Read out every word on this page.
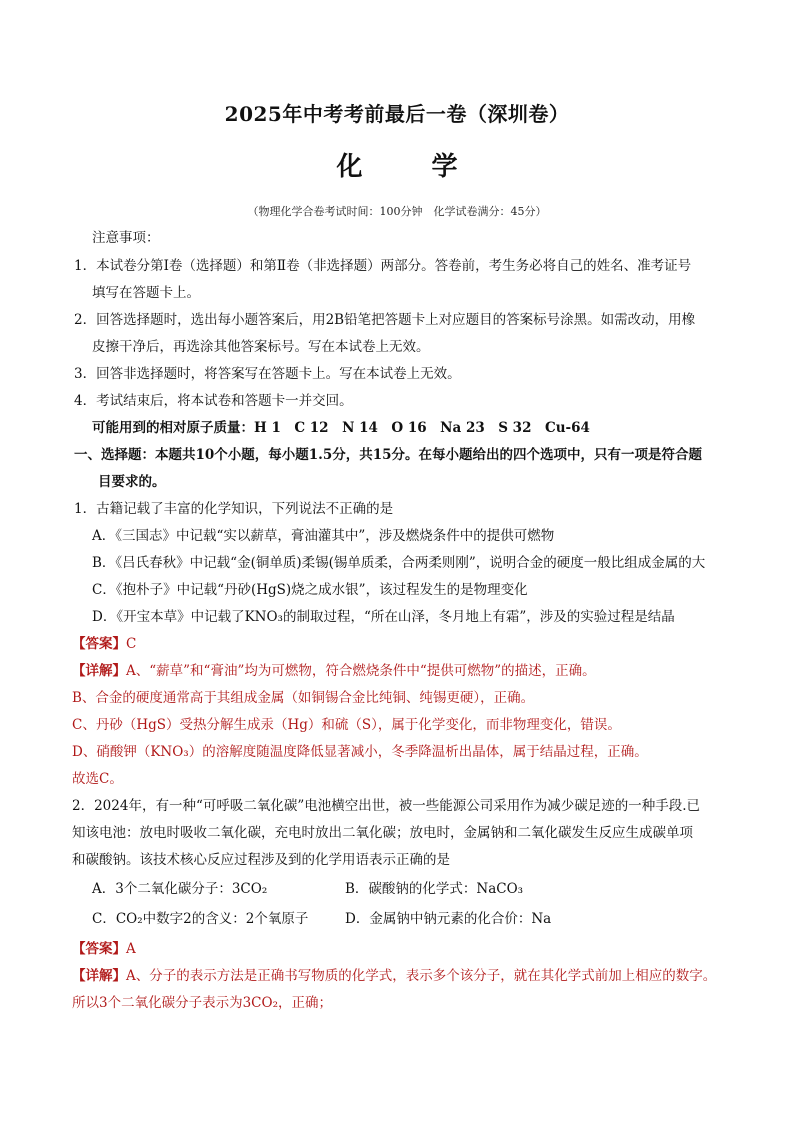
2025年中考考前最后一卷（深圳卷）
化 学
（物理化学合卷考试时间：100分钟　化学试卷满分：45分）
注意事项：
1．本试卷分第Ⅰ卷（选择题）和第Ⅱ卷（非选择题）两部分。答卷前，考生务必将自己的姓名、准考证号
填写在答题卡上。
2．回答选择题时，选出每小题答案后，用2B铅笔把答题卡上对应题目的答案标号涂黑。如需改动，用橡
皮擦干净后，再选涂其他答案标号。写在本试卷上无效。
3．回答非选择题时，将答案写在答题卡上。写在本试卷上无效。
4．考试结束后，将本试卷和答题卡一并交回。
可能用到的相对原子质量：H 1　C 12　N 14　O 16　Na 23　S 32　Cu-64
一、选择题：本题共10个小题，每小题1.5分，共15分。在每小题给出的四个选项中，只有一项是符合题
目要求的。
1．古籍记载了丰富的化学知识，下列说法不正确的是
A．《三国志》中记载“实以薪草，膏油灌其中”，涉及燃烧条件中的提供可燃物
B．《吕氏春秋》中记载“金(铜单质)柔锡(锡单质柔，合两柔则刚”，说明合金的硬度一般比组成金属的大
C．《抱朴子》中记载“丹砂(HgS)烧之成水银”，该过程发生的是物理变化
D．《开宝本草》中记载了KNO₃的制取过程，“所在山泽，冬月地上有霜”，涉及的实验过程是结晶
【答案】C
【详解】A、“薪草”和“膏油”均为可燃物，符合燃烧条件中“提供可燃物”的描述，正确。
B、合金的硬度通常高于其组成金属（如铜锡合金比纯铜、纯锡更硬），正确。
C、丹砂（HgS）受热分解生成汞（Hg）和硫（S），属于化学变化，而非物理变化，错误。
D、硝酸钾（KNO₃）的溶解度随温度降低显著减小，冬季降温析出晶体，属于结晶过程，正确。
故选C。
2．2024年，有一种“可呼吸二氧化碳”电池横空出世，被一些能源公司采用作为减少碳足迹的一种手段.已
知该电池：放电时吸收二氧化碳，充电时放出二氧化碳；放电时，金属钠和二氧化碳发生反应生成碳单项
和碳酸钠。该技术核心反应过程涉及到的化学用语表示正确的是
A．3个二氧化碳分子：3CO₂	B．碳酸钠的化学式：NaCO₃
C．CO₂中数字2的含义：2个氧原子	D．金属钠中钠元素的化合价：Na
【答案】A
【详解】A、分子的表示方法是正确书写物质的化学式，表示多个该分子，就在其化学式前加上相应的数字。
所以3个二氧化碳分子表示为3CO₂，正确；
